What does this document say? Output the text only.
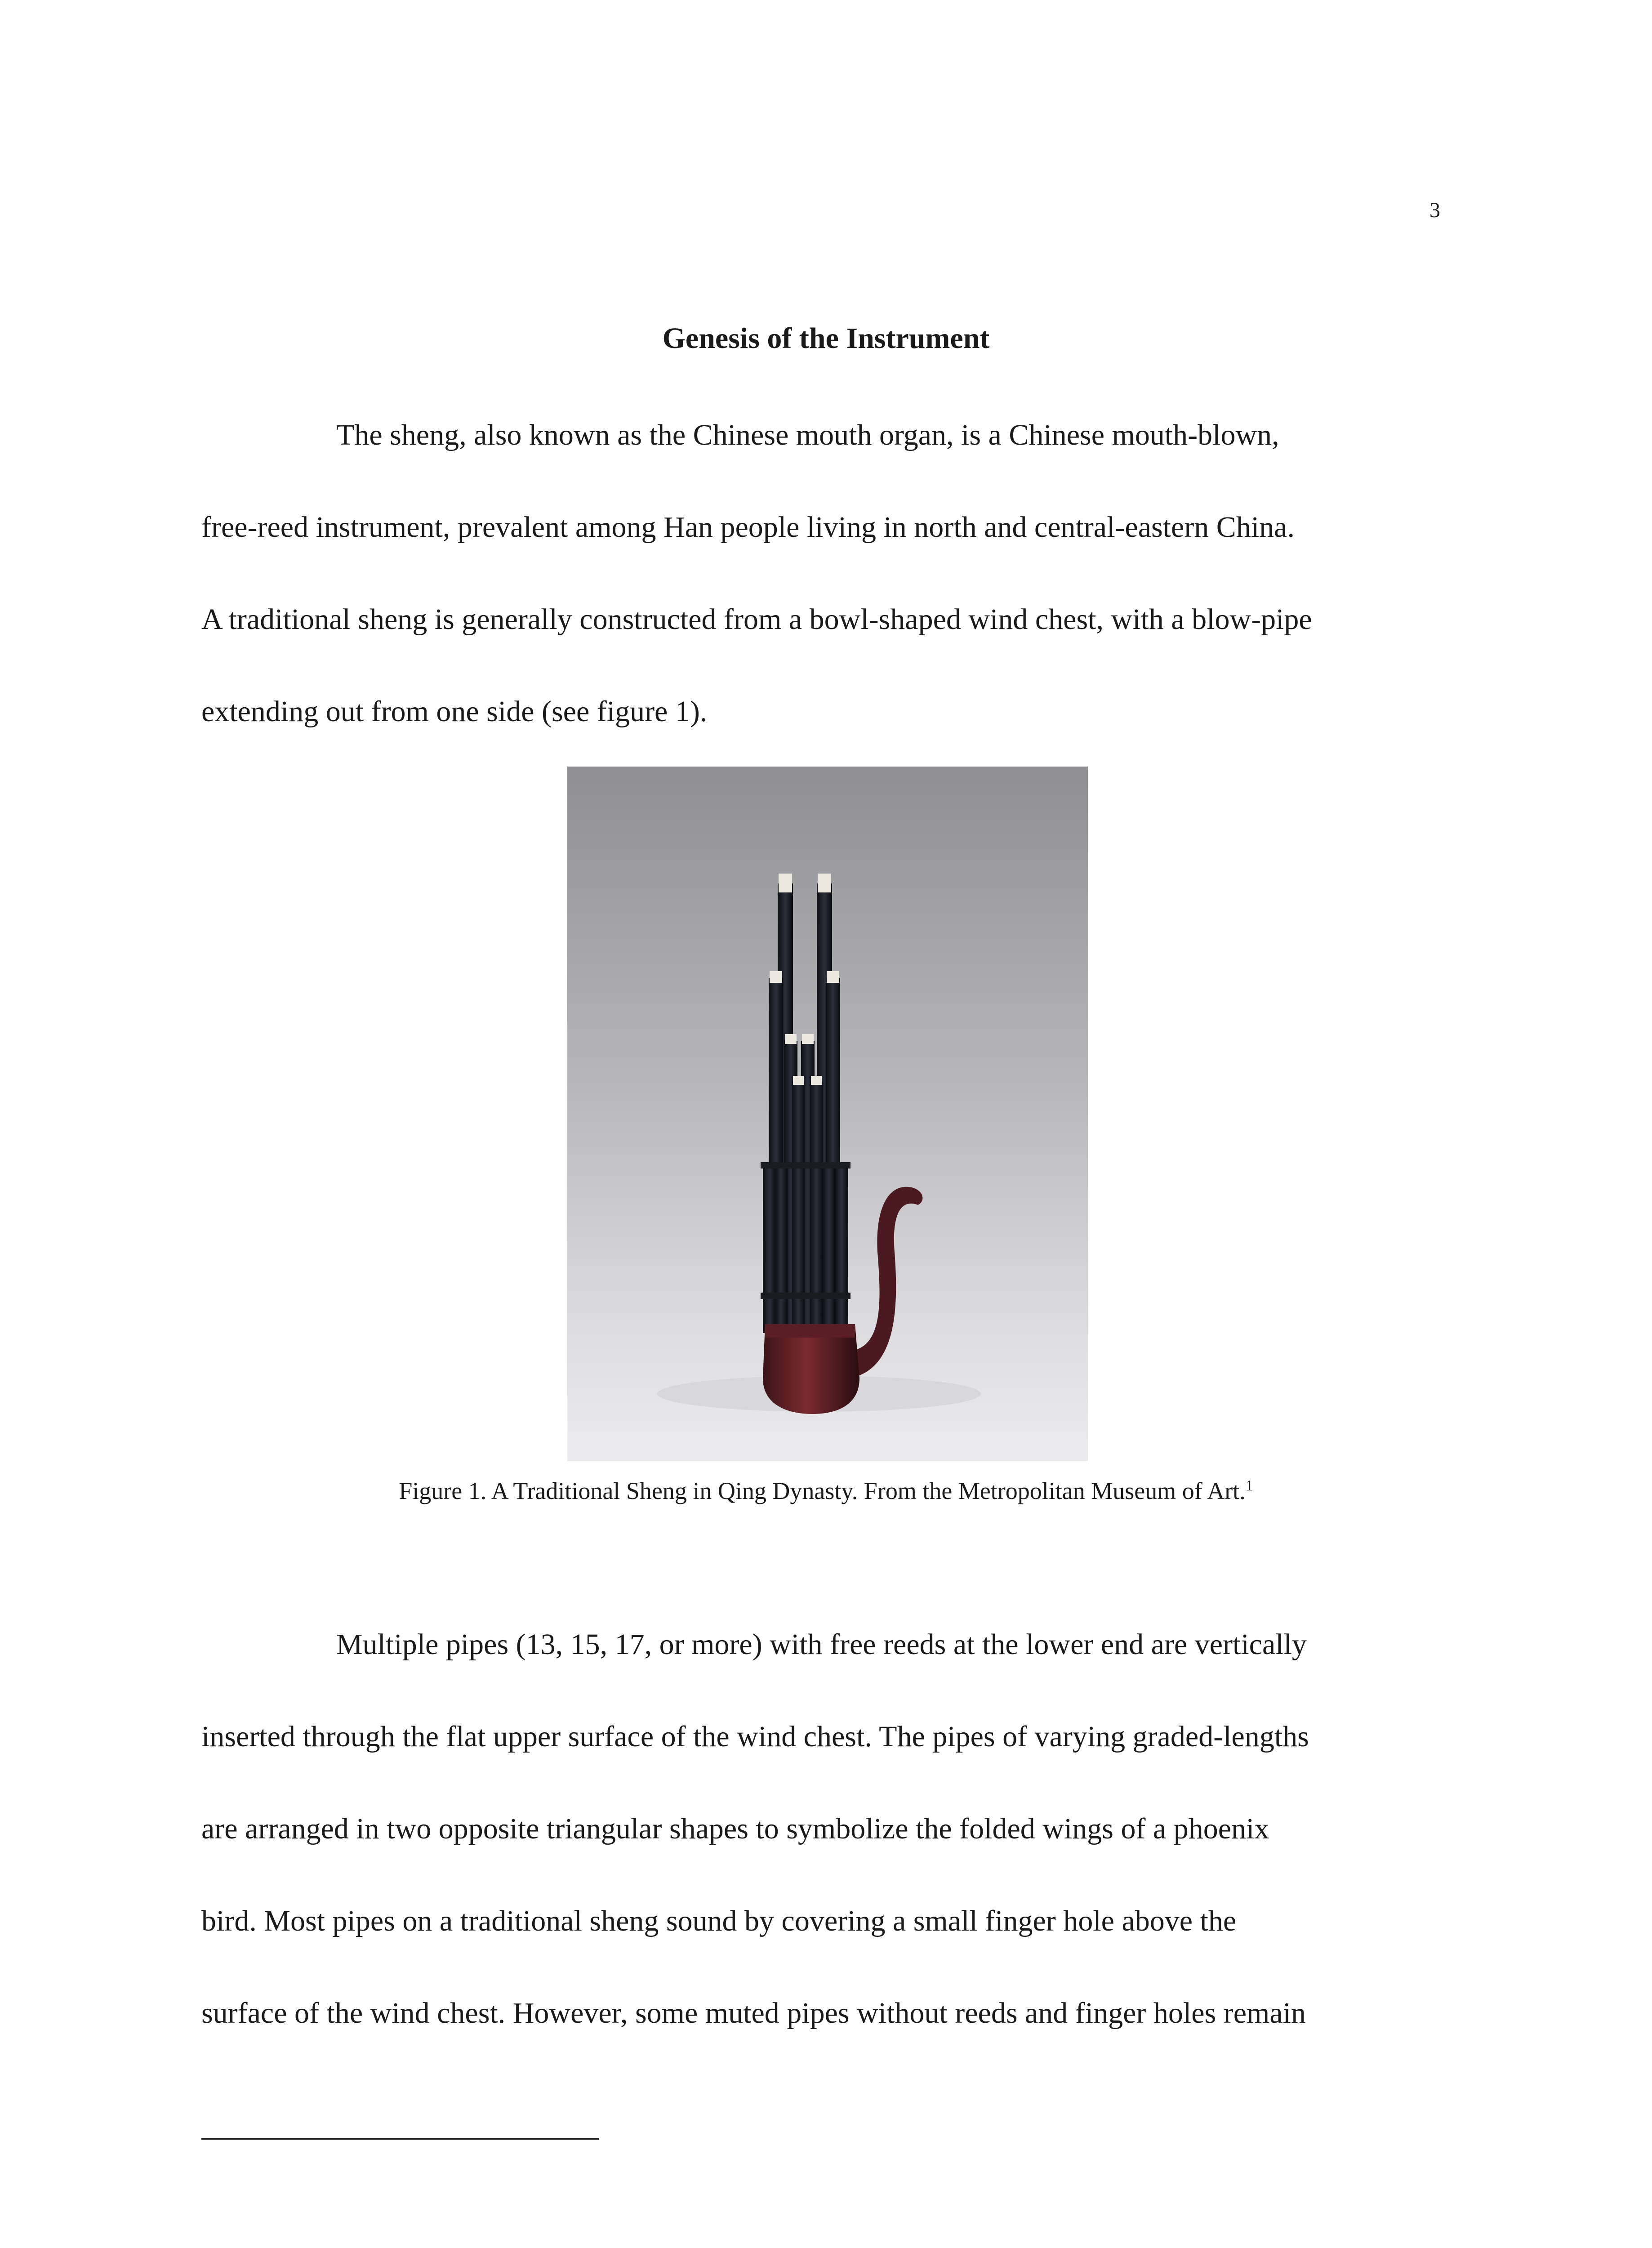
3
Genesis of the Instrument
The sheng, also known as the Chinese mouth organ, is a Chinese mouth-blown,
free-reed instrument, prevalent among Han people living in north and central-eastern China.
A traditional sheng is generally constructed from a bowl-shaped wind chest, with a blow-pipe
extending out from one side (see figure 1).
Figure 1. A Traditional Sheng in Qing Dynasty. From the Metropolitan Museum of Art.$^1$
Multiple pipes (13, 15, 17, or more) with free reeds at the lower end are vertically
inserted through the flat upper surface of the wind chest. The pipes of varying graded-lengths
are arranged in two opposite triangular shapes to symbolize the folded wings of a phoenix
bird. Most pipes on a traditional sheng sound by covering a small finger hole above the
surface of the wind chest. However, some muted pipes without reeds and finger holes remain
